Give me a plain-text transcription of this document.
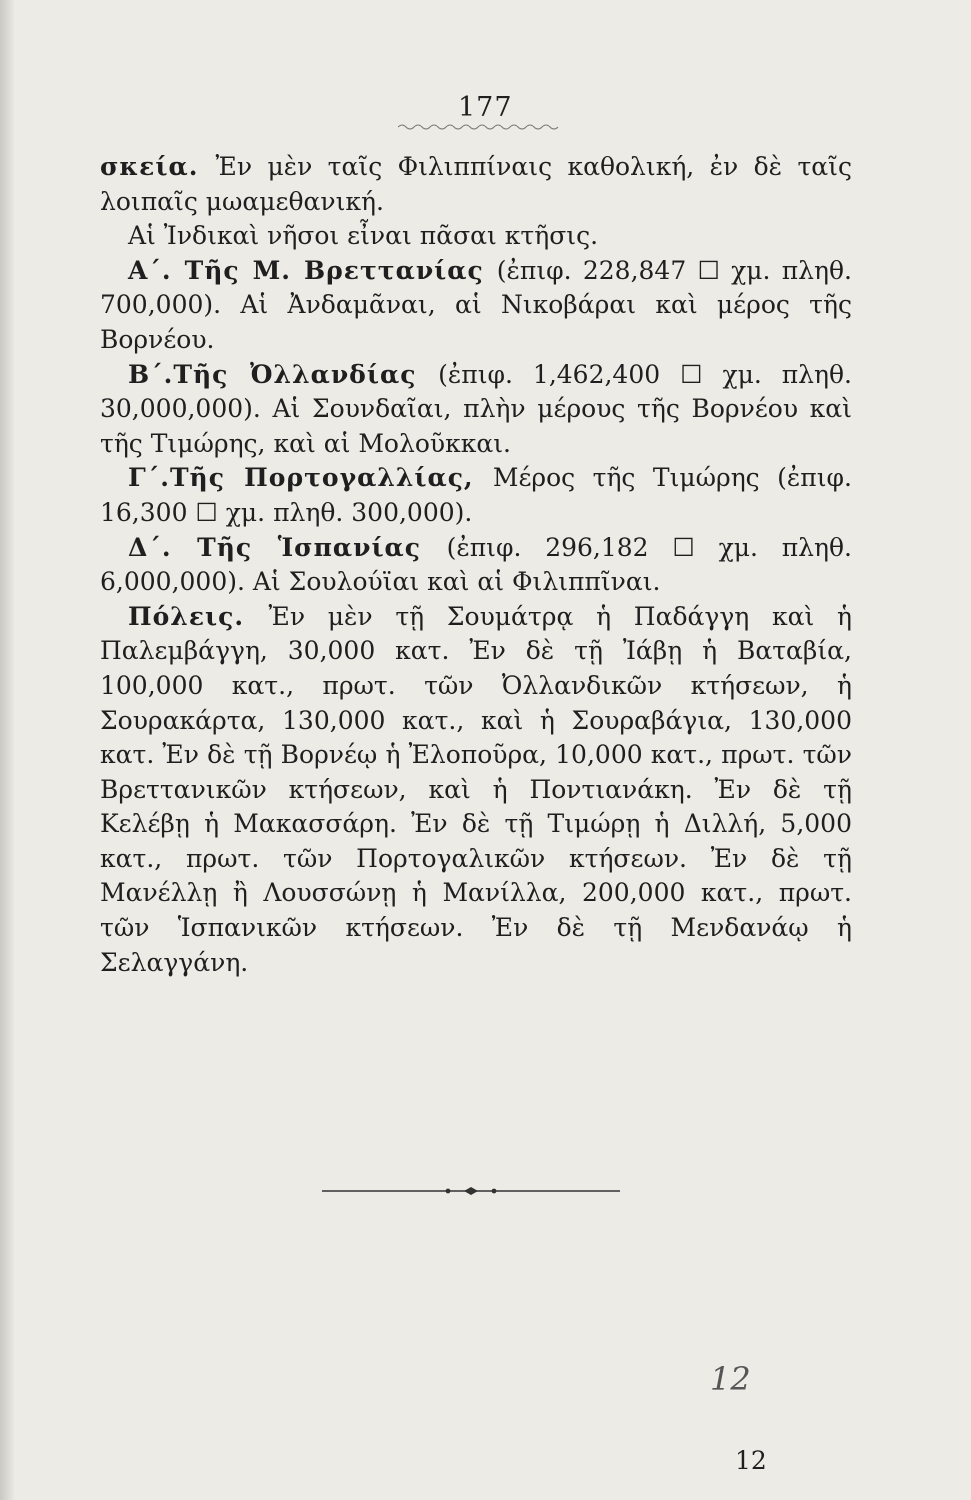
177

σκεία. Ἐν μὲν ταῖς Φιλιππίναις καθολική, ἐν δὲ ταῖς λοιπαῖς μωαμεθανική.

Αἱ Ἰνδικαὶ νῆσοι εἶναι πᾶσαι κτῆσις.

Α΄. Τῆς Μ. Βρεττανίας (ἐπιφ. 228,847 ☐ χμ. πληθ. 700,000). Αἱ Ἀνδαμᾶναι, αἱ Νικοβάραι καὶ μέρος τῆς Βορνέου.

Β΄.Τῆς Ὀλλανδίας (ἐπιφ. 1,462,400 ☐ χμ. πληθ. 30,000,000). Αἱ Σουνδαῖαι, πλὴν μέρους τῆς Βορνέου καὶ τῆς Τιμώρης, καὶ αἱ Μολοῦκκαι.

Γ΄.Τῆς Πορτογαλλίας, Μέρος τῆς Τιμώρης (ἐπιφ. 16,300 ☐ χμ. πληθ. 300,000).

Δ΄. Τῆς Ἱσπανίας (ἐπιφ. 296,182 ☐ χμ. πληθ. 6,000,000). Αἱ Σουλούϊαι καὶ αἱ Φιλιππῖναι.

Πόλεις. Ἐν μὲν τῇ Σουμάτρᾳ ἡ Παδάγγη καὶ ἡ Παλεμβάγγη, 30,000 κατ. Ἐν δὲ τῇ Ἰάβῃ ἡ Βαταβία, 100,000 κατ., πρωτ. τῶν Ὀλλανδικῶν κτήσεων, ἡ Σουρακάρτα, 130,000 κατ., καὶ ἡ Σουραβάγια, 130,000 κατ. Ἐν δὲ τῇ Βορνέῳ ἡ Ἐλοποῦρα, 10,000 κατ., πρωτ. τῶν Βρεττανικῶν κτήσεων, καὶ ἡ Ποντιανάκη. Ἐν δὲ τῇ Κελέβῃ ἡ Μακασσάρη. Ἐν δὲ τῇ Τιμώρῃ ἡ Διλλή, 5,000 κατ., πρωτ. τῶν Πορτογαλικῶν κτήσεων. Ἐν δὲ τῇ Μανέλλῃ ἢ Λουσσώνῃ ἡ Μανίλλα, 200,000 κατ., πρωτ. τῶν Ἱσπανικῶν κτήσεων. Ἐν δὲ τῇ Μενδανάῳ ἡ Σελαγγάνη.

12
12
